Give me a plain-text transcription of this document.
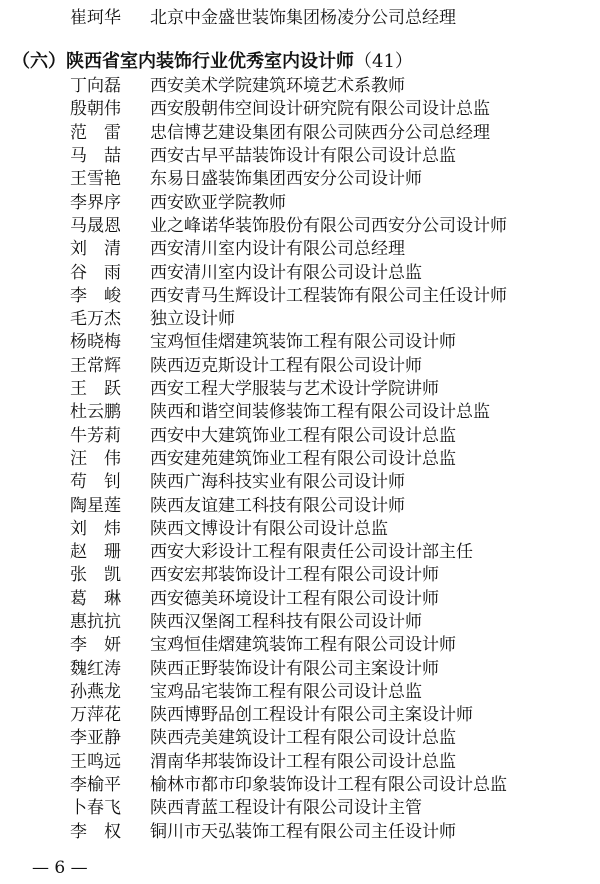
崔珂华	北京中金盛世装饰集团杨凌分公司总经理
（六） 陕西省室内装饰行业优秀室内设计师 （41）
丁向磊	西安美术学院建筑环境艺术系教师
殷朝伟	西安殷朝伟空间设计研究院有限公司设计总监
范雷 忠信博艺建设集团有限公司陕西分公司总经理
马喆 西安古早平喆装饰设计有限公司设计总监
王雪艳	东易日盛装饰集团西安分公司设计师
李界序	西安欧亚学院教师
马晟恩	业之峰诺华装饰股份有限公司西安分公司设计师
刘清 西安清川室内设计有限公司总经理
谷雨 西安清川室内设计有限公司设计总监
李峻 西安青马生辉设计工程装饰有限公司主任设计师
毛万杰	独立设计师
杨晓梅	宝鸡恒佳熠建筑装饰工程有限公司设计师
王常辉	陕西迈克斯设计工程有限公司设计师
王跃 西安工程大学服装与艺术设计学院讲师
杜云鹏	陕西和谐空间装修装饰工程有限公司设计总监
牛芳莉	西安中大建筑饰业工程有限公司设计总监
汪伟 西安建苑建筑饰业工程有限公司设计总监
苟钊 陕西广海科技实业有限公司设计师
陶星莲	陕西友谊建工科技有限公司设计师
刘炜 陕西文博设计有限公司设计总监
赵珊 西安大彩设计工程有限责任公司设计部主任
张凯 西安宏邦装饰设计工程有限公司设计师
葛琳 西安德美环境设计工程有限公司设计师
惠抗抗	陕西汉堡阁工程科技有限公司设计师
李妍 宝鸡恒佳熠建筑装饰工程有限公司设计师
魏红涛	陕西正野装饰设计有限公司主案设计师
孙燕龙	宝鸡品宅装饰工程有限公司设计总监
万萍花	陕西博野品创工程设计有限公司主案设计师
李亚静	陕西壳美建筑设计工程有限公司设计总监
王鸣远	渭南华邦装饰设计工程有限公司设计总监
李榆平	榆林市都市印象装饰设计工程有限公司设计总监
卜春飞	陕西青蓝工程设计有限公司设计主管
李权 铜川市天弘装饰工程有限公司主任设计师
— 6 —
